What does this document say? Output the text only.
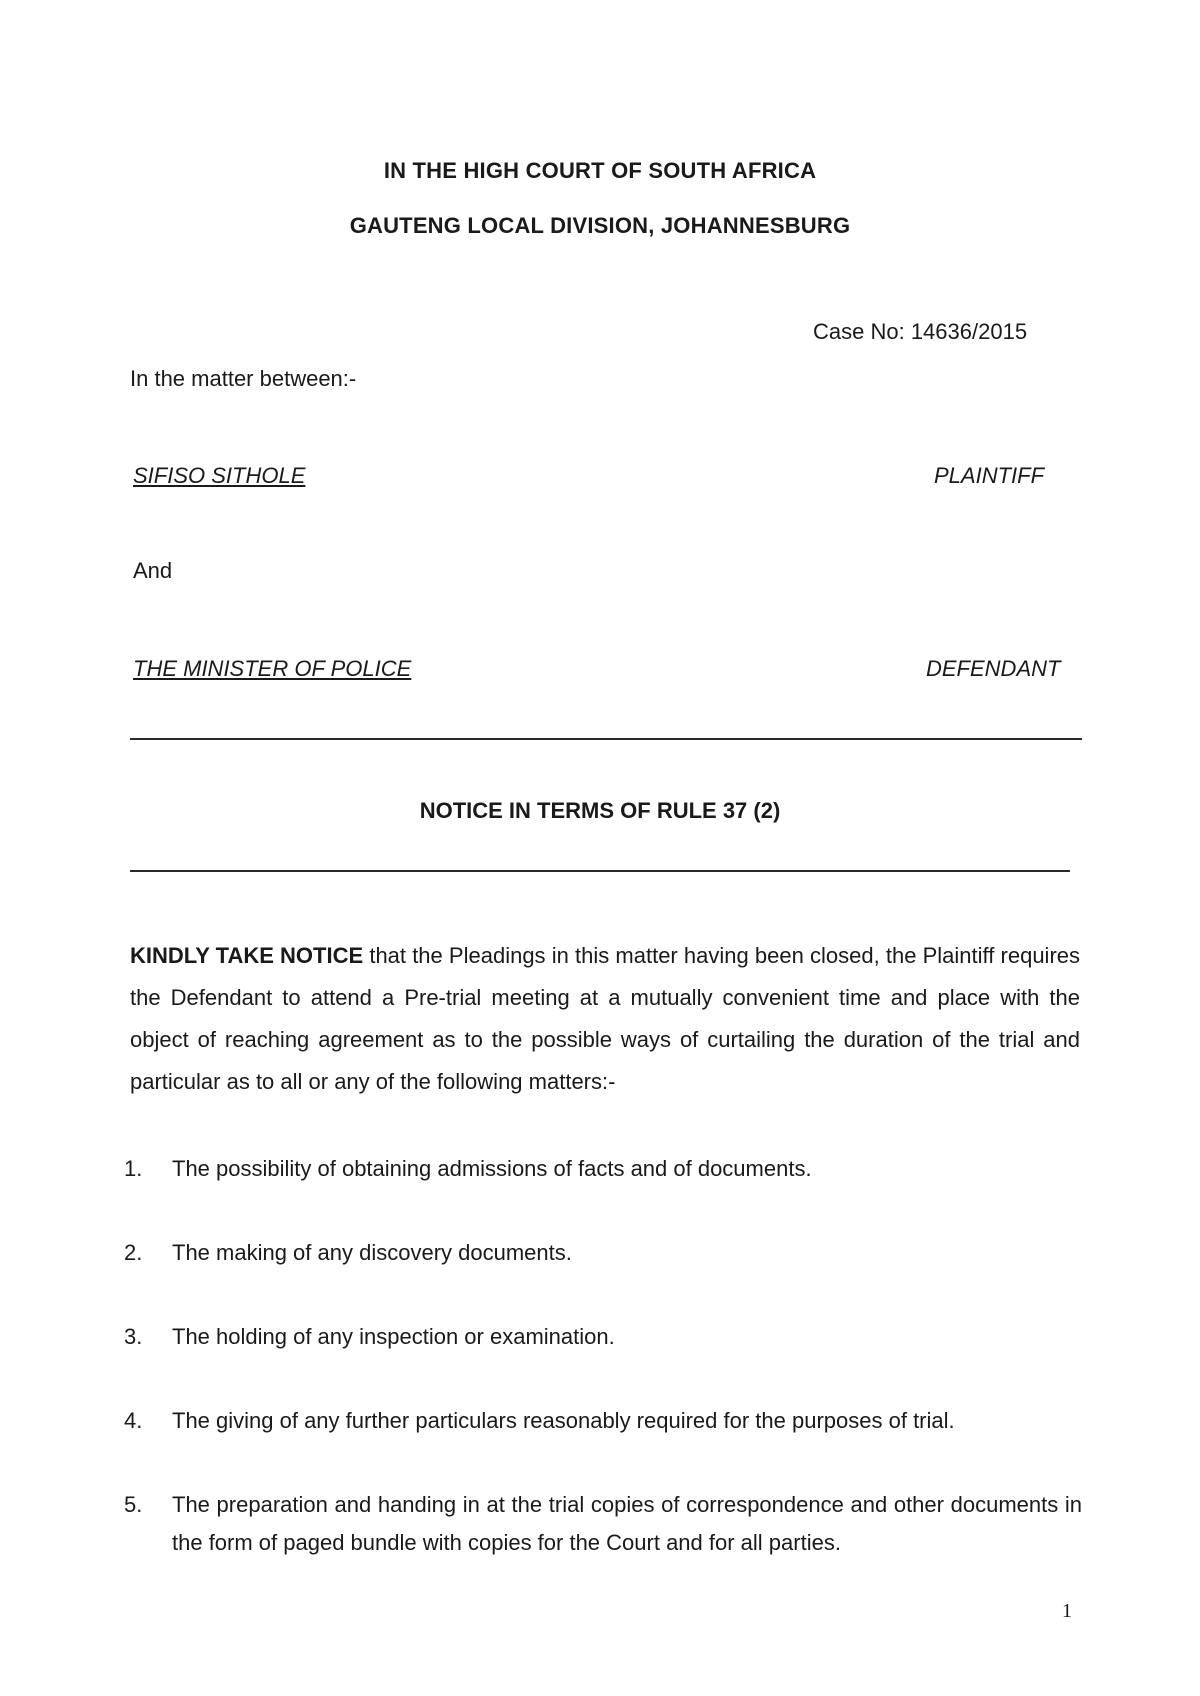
IN THE HIGH COURT OF SOUTH AFRICA
GAUTENG LOCAL DIVISION, JOHANNESBURG
Case No: 14636/2015
In the matter between:-
SIFISO SITHOLE	PLAINTIFF
And
THE MINISTER OF POLICE	DEFENDANT
NOTICE IN TERMS OF RULE 37 (2)
KINDLY TAKE NOTICE that the Pleadings in this matter having been closed, the Plaintiff requires the Defendant to attend a Pre-trial meeting at a mutually convenient time and place with the object of reaching agreement as to the possible ways of curtailing the duration of the trial and particular as to all or any of the following matters:-
1.	The possibility of obtaining admissions of facts and of documents.
2.	The making of any discovery documents.
3.	The holding of any inspection or examination.
4.	The giving of any further particulars reasonably required for the purposes of trial.
5.	The preparation and handing in at the trial copies of correspondence and other documents in the form of paged bundle with copies for the Court and for all parties.
1
